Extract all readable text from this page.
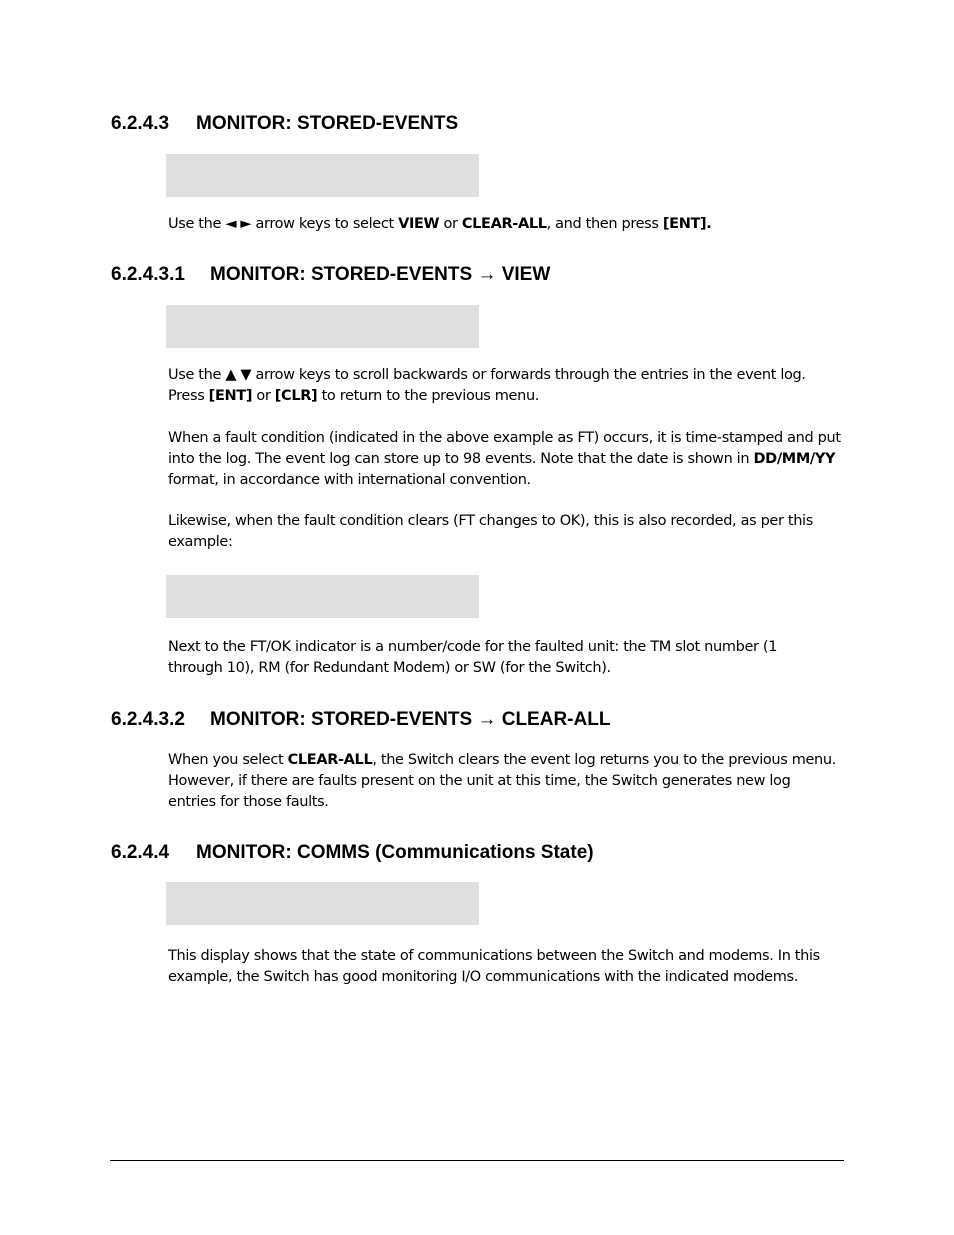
6.2.4.3 MONITOR: STORED-EVENTS

Use the ◄ ► arrow keys to select VIEW or CLEAR-ALL, and then press [ENT].

6.2.4.3.1 MONITOR: STORED-EVENTS → VIEW

Use the ▲ ▼ arrow keys to scroll backwards or forwards through the entries in the event log.
Press [ENT] or [CLR] to return to the previous menu.

When a fault condition (indicated in the above example as FT) occurs, it is time-stamped and put
into the log. The event log can store up to 98 events. Note that the date is shown in DD/MM/YY
format, in accordance with international convention.

Likewise, when the fault condition clears (FT changes to OK), this is also recorded, as per this
example:

Next to the FT/OK indicator is a number/code for the faulted unit: the TM slot number (1
through 10), RM (for Redundant Modem) or SW (for the Switch).

6.2.4.3.2 MONITOR: STORED-EVENTS → CLEAR-ALL

When you select CLEAR-ALL, the Switch clears the event log returns you to the previous menu.
However, if there are faults present on the unit at this time, the Switch generates new log
entries for those faults.

6.2.4.4 MONITOR: COMMS (Communications State)

This display shows that the state of communications between the Switch and modems. In this
example, the Switch has good monitoring I/O communications with the indicated modems.
